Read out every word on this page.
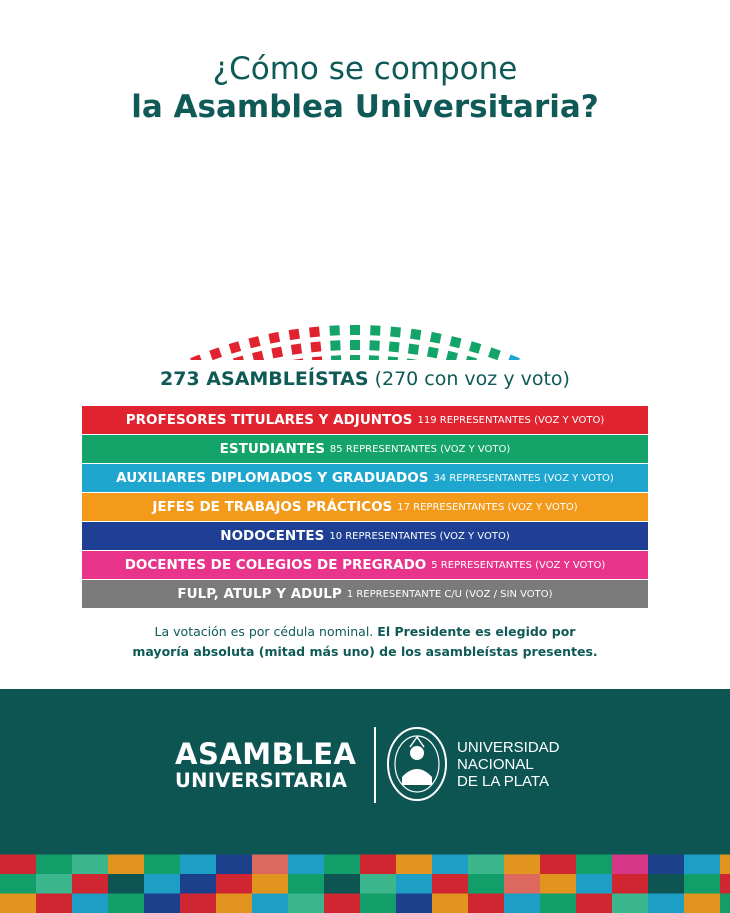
¿Cómo se compone
la Asamblea Universitaria?
273 ASAMBLEÍSTAS (270 con voz y voto)
PROFESORES TITULARES Y ADJUNTOS 119 REPRESENTANTES (VOZ Y VOTO)
ESTUDIANTES 85 REPRESENTANTES (VOZ Y VOTO)
AUXILIARES DIPLOMADOS Y GRADUADOS 34 REPRESENTANTES (VOZ Y VOTO)
JEFES DE TRABAJOS PRÁCTICOS 17 REPRESENTANTES (VOZ Y VOTO)
NODOCENTES 10 REPRESENTANTES (VOZ Y VOTO)
DOCENTES DE COLEGIOS DE PREGRADO 5 REPRESENTANTES (VOZ Y VOTO)
FULP, ATULP Y ADULP 1 REPRESENTANTE C/U (VOZ / SIN VOTO)
La votación es por cédula nominal. El Presidente es elegido por
mayoría absoluta (mitad más uno) de los asambleístas presentes.
ASAMBLEA
UNIVERSITARIA
UNIVERSIDAD
NACIONAL
DE LA PLATA
